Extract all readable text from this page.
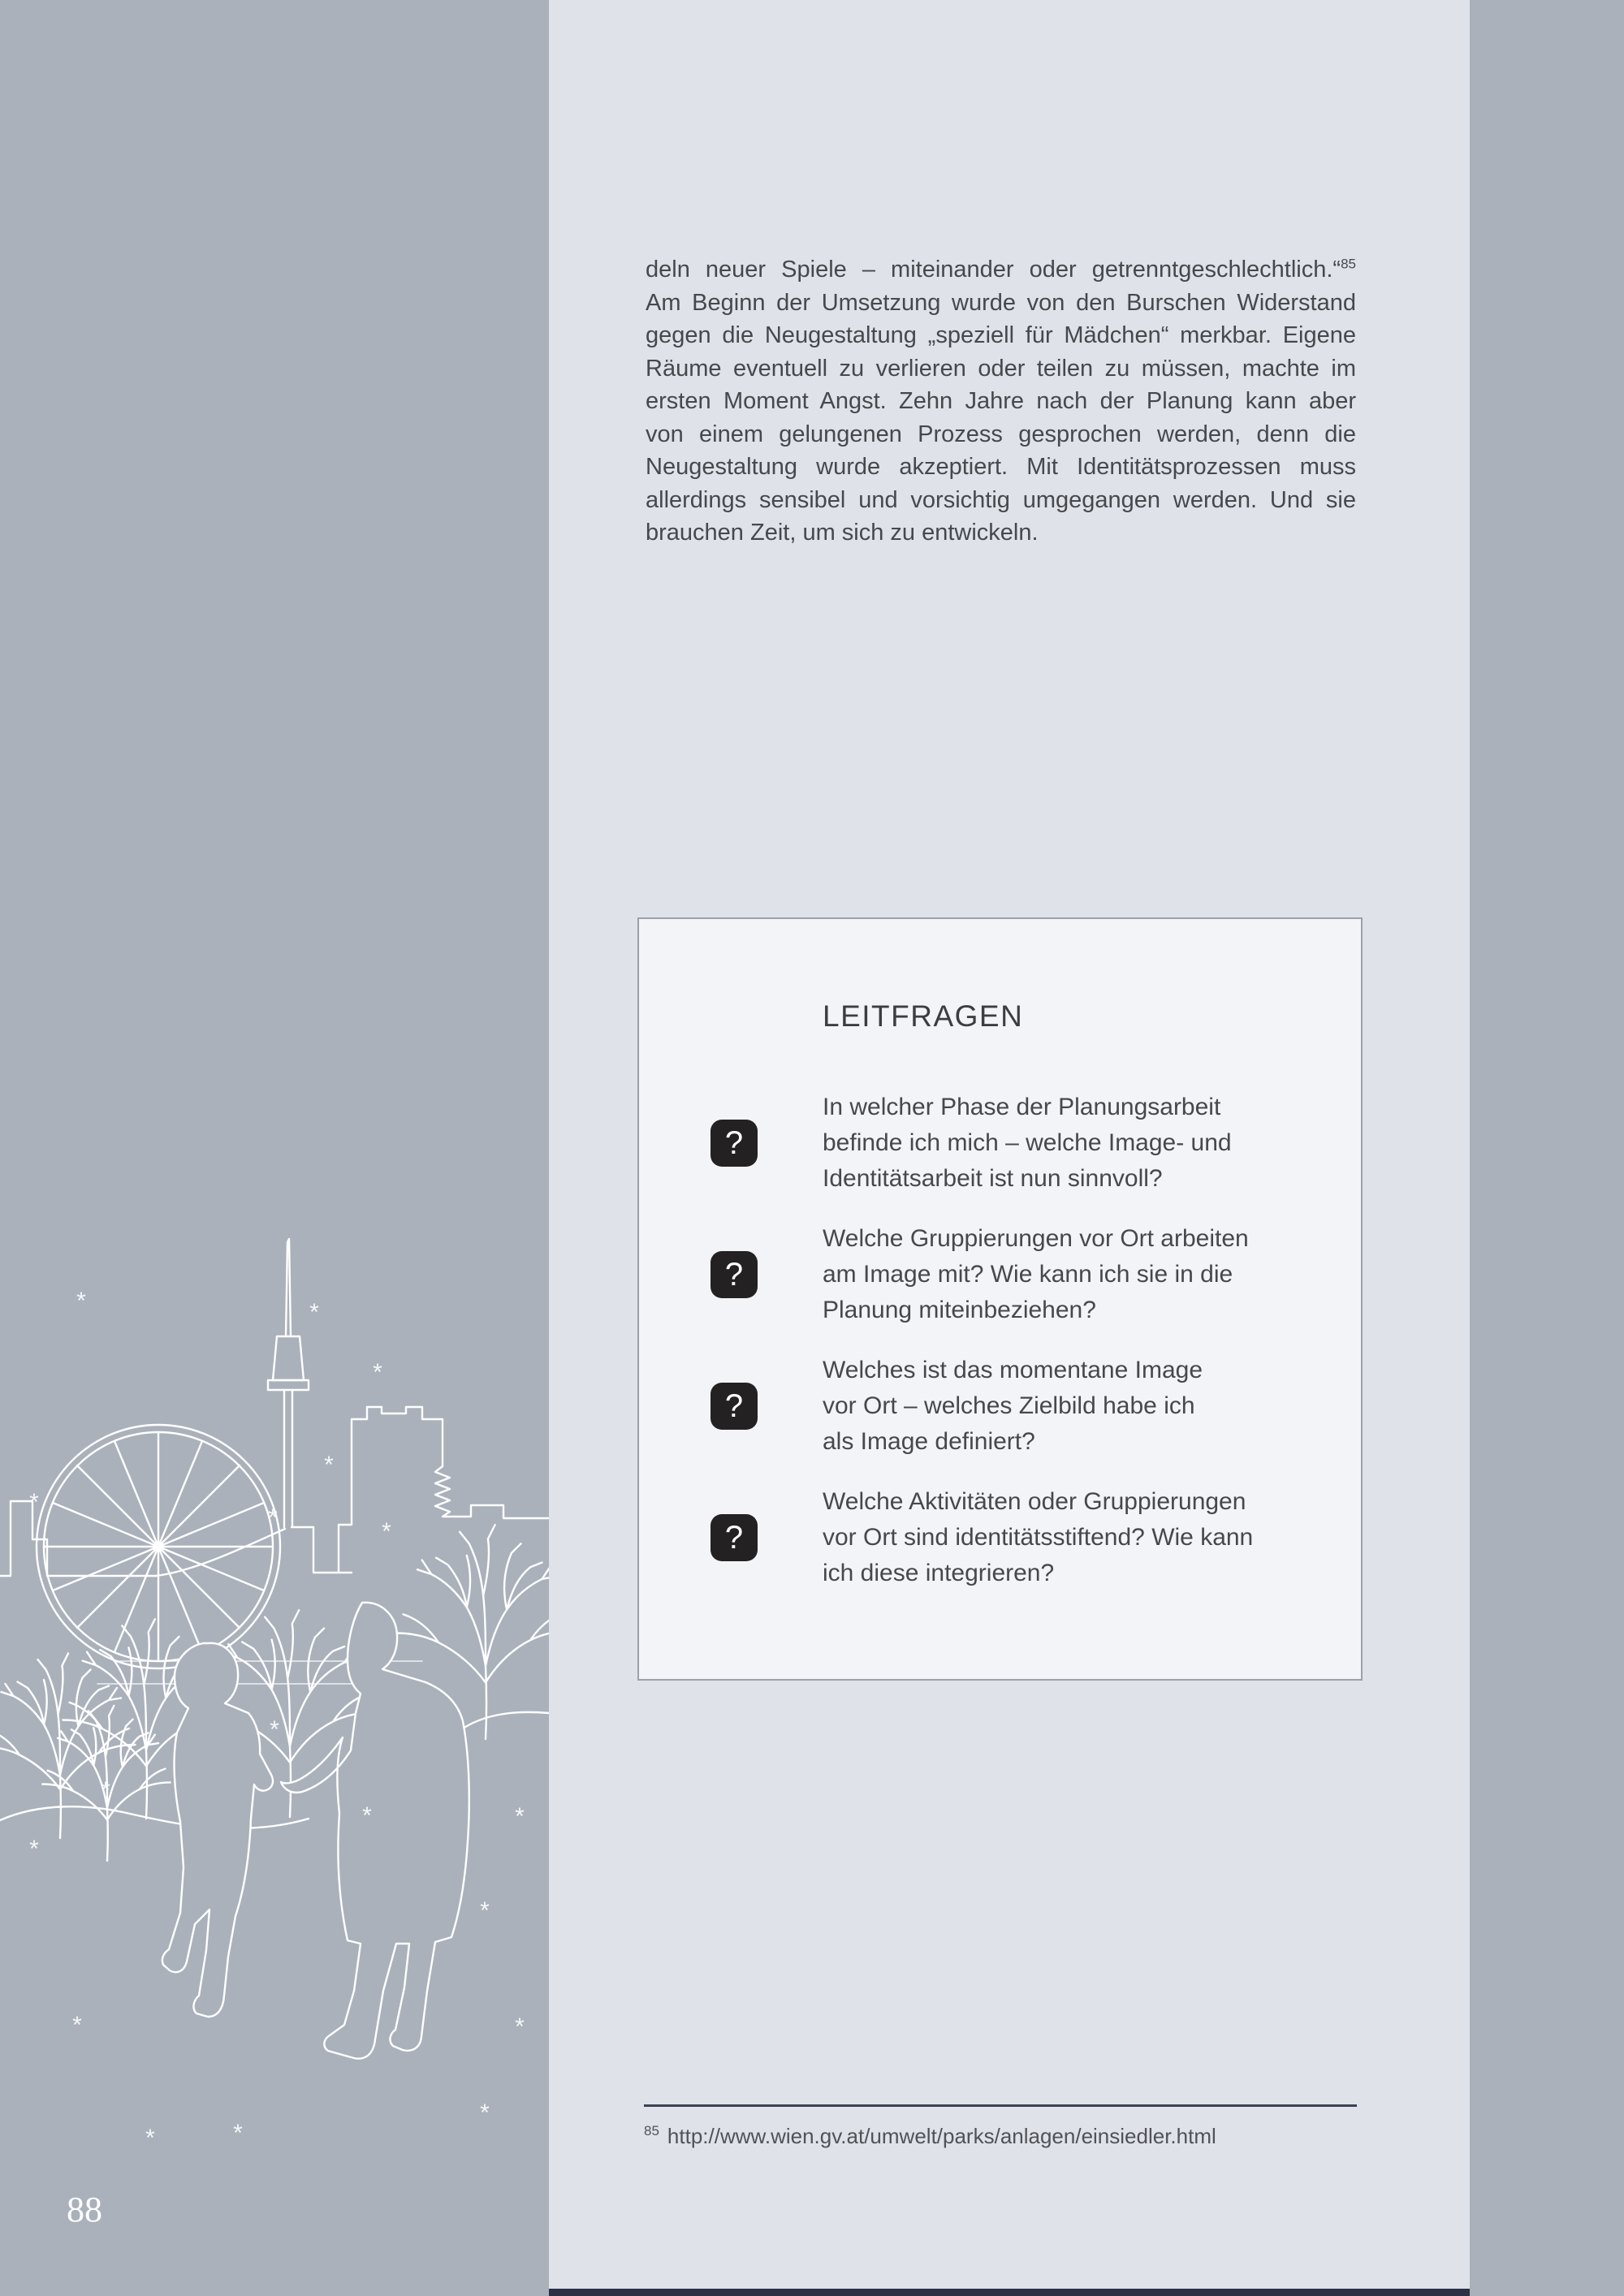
*	*
*
*
*
*
*
*
*
*
*
*
*
*
*
*	*
*
88
deln neuer Spiele – miteinander oder getrenntgeschlechtlich.“$^{85}$
Am Beginn der Umsetzung wurde von den Burschen Widerstand
gegen die Neugestaltung „speziell für Mädchen“ merkbar. Eigene
Räume eventuell zu verlieren oder teilen zu müssen, machte im
ersten Moment Angst. Zehn Jahre nach der Planung kann aber
von einem gelungenen Prozess gesprochen werden, denn die
Neugestaltung wurde akzeptiert. Mit Identitätsprozessen muss
allerdings sensibel und vorsichtig umgegangen werden. Und sie
brauchen Zeit, um sich zu entwickeln.
LEITFRAGEN
?
In welcher Phase der Planungsarbeit
befinde ich mich – welche Image- und
Identitätsarbeit ist nun sinnvoll?
?
Welche Gruppierungen vor Ort arbeiten
am Image mit? Wie kann ich sie in die
Planung miteinbeziehen?
?
Welches ist das momentane Image
vor Ort – welches Zielbild habe ich
als Image definiert?
?
Welche Aktivitäten oder Gruppierungen
vor Ort sind identitätsstiftend? Wie kann
ich diese integrieren?
$^{85}$ http://www.wien.gv.at/umwelt/parks/anlagen/einsiedler.html
